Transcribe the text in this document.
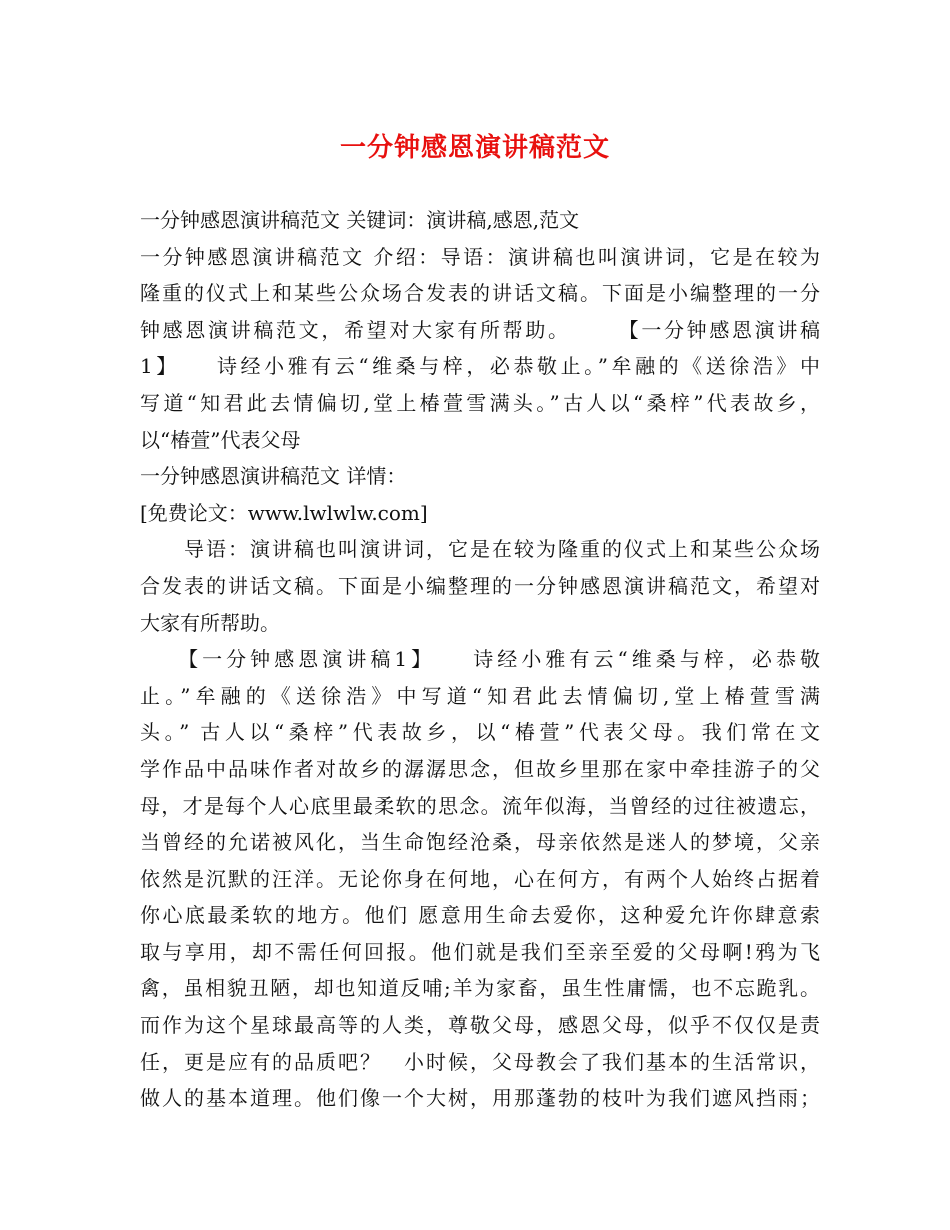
一分钟感恩演讲稿范文
一分钟感恩演讲稿范文 关键词：演讲稿,感恩,范文
一分钟感恩演讲稿范文 介绍：导语：演讲稿也叫演讲词，它是在较为
隆重的仪式上和某些公众场合发表的讲话文稿。下面是小编整理的一分
钟感恩演讲稿范文，希望对大家有所帮助。　　　【一分钟感恩演讲稿
1】　　诗经小雅有云“维桑与梓，必恭敬止。”牟融的《送徐浩》中
写道“知君此去情偏切,堂上椿萱雪满头。”古人以“桑梓”代表故乡，
以“椿萱”代表父母
一分钟感恩演讲稿范文 详情：
[免费论文：www.lwlwlw.com]
　　导语：演讲稿也叫演讲词，它是在较为隆重的仪式上和某些公众场
合发表的讲话文稿。下面是小编整理的一分钟感恩演讲稿范文，希望对
大家有所帮助。
　　【一分钟感恩演讲稿1】　　诗经小雅有云“维桑与梓，必恭敬
止。”牟融的《送徐浩》中写道“知君此去情偏切,堂上椿萱雪满
头。” 古人以“桑梓”代表故乡，以“椿萱”代表父母。我们常在文
学作品中品味作者对故乡的潺潺思念，但故乡里那在家中牵挂游子的父
母，才是每个人心底里最柔软的思念。流年似海，当曾经的过往被遗忘，
当曾经的允诺被风化，当生命饱经沧桑，母亲依然是迷人的梦境，父亲
依然是沉默的汪洋。无论你身在何地，心在何方，有两个人始终占据着
你心底最柔软的地方。他们 愿意用生命去爱你，这种爱允许你肆意索
取与享用，却不需任何回报。他们就是我们至亲至爱的父母啊!鸦为飞
禽，虽相貌丑陋，却也知道反哺;羊为家畜，虽生性庸懦，也不忘跪乳。
而作为这个星球最高等的人类，尊敬父母，感恩父母，似乎不仅仅是责
任，更是应有的品质吧？　小时候，父母教会了我们基本的生活常识，
做人的基本道理。他们像一个大树，用那蓬勃的枝叶为我们遮风挡雨；
